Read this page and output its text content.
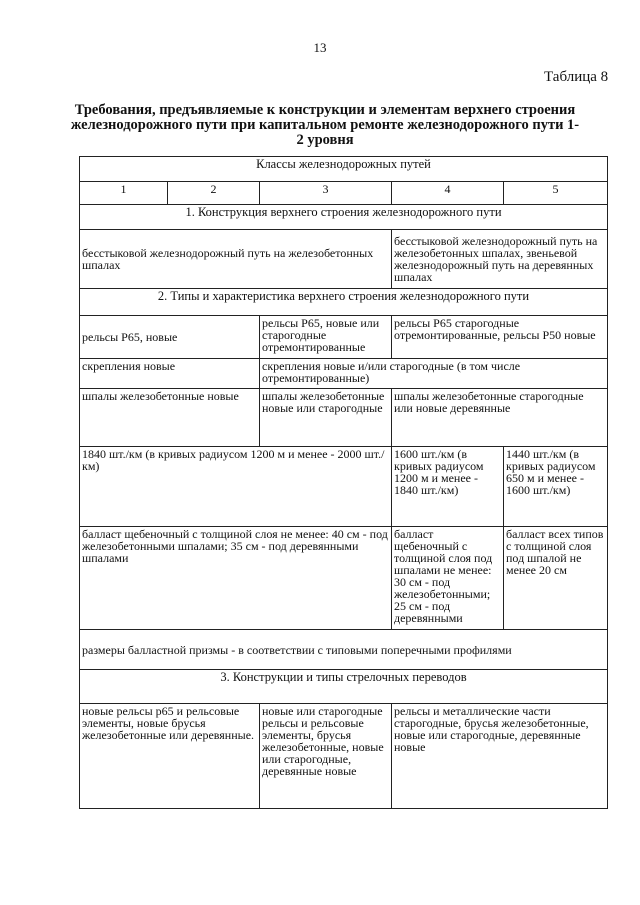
13
Таблица 8
Требования, предъявляемые к конструкции и элементам верхнего строения железнодорожного пути при капитальном ремонте железнодорожного пути 1-2 уровня
Классы железнодорожных путей				
1	2	3	4	5
1. Конструкция верхнего строения железнодорожного пути				
бесстыковой железнодорожный путь на железобетонных шпалах			бесстыковой железнодорожный путь на железобетонных шпалах, звеньевой железнодорожный путь на деревянных шпалах	
2. Типы и характеристика верхнего строения железнодорожного пути				
рельсы Р65, новые		рельсы Р65, новые или старогодные отремонтированные	рельсы Р65 старогодные отремонтированные, рельсы Р50 новые	
скрепления новые		скрепления новые и/или старогодные (в том числе отремонтированные)		
шпалы железобетонные новые		шпалы железобетонные новые или старогодные	шпалы железобетонные старогодные или новые деревянные	
1840 шт./км (в кривых радиусом 1200 м и менее - 2000 шт./км)			1600 шт./км (в кривых радиусом 1200 м и менее - 1840 шт./км)	1440 шт./км (в кривых радиусом 650 м и менее - 1600 шт./км)
балласт щебеночный с толщиной слоя не менее: 40 см - под железобетонными шпалами; 35 см - под деревянными шпалами			балласт щебеночный с толщиной слоя под шпалами не менее: 30 см - под железобетонными; 25 см - под деревянными	балласт всех типов с толщиной слоя под шпалой не менее 20 см
размеры балластной призмы - в соответствии с типовыми поперечными профилями				
3. Конструкции и типы стрелочных переводов				
новые рельсы р65 и рельсовые элементы, новые брусья железобетонные или деревянные.		новые или старогодные рельсы и рельсовые элементы, брусья железобетонные, новые или старогодные, деревянные новые	рельсы и металлические части старогодные, брусья железобетонные, новые или старогодные, деревянные новые	
